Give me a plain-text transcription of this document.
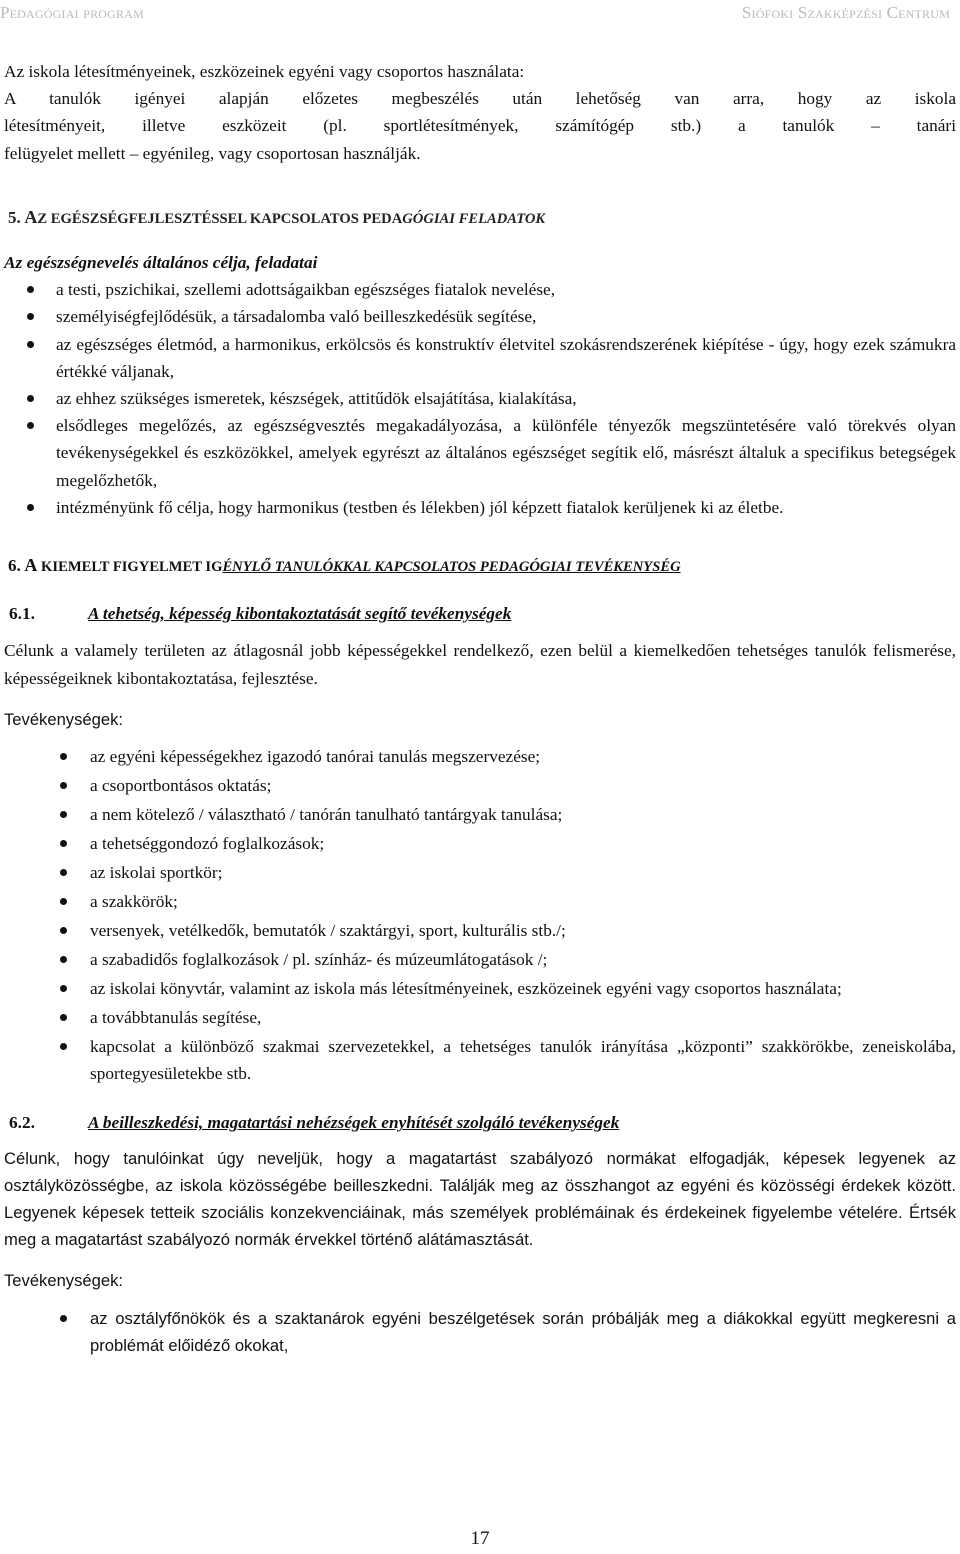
Pedagógiai program	Siófoki Szakképzési Centrum

Az iskola létesítményeinek, eszközeinek egyéni vagy csoportos használata:

A tanulók igényei alapján előzetes megbeszélés után lehetőség van arra, hogy az iskola

létesítményeit, illetve eszközeit (pl. sportlétesítmények, számítógép stb.) a tanulók – tanári

felügyelet mellett – egyénileg, vagy csoportosan használják.

5. AZ EGÉSZSÉGFEJLESZTÉSSEL KAPCSOLATOS PEDAGÓGIAI FELADATOK

Az egészségnevelés általános célja, feladatai

a testi, pszichikai, szellemi adottságaikban egészséges fiatalok nevelése,
személyiségfejlődésük, a társadalomba való beilleszkedésük segítése,
az egészséges életmód, a harmonikus, erkölcsös és konstruktív életvitel szokásrendszerének kiépítése - úgy, hogy ezek számukra értékké váljanak,
az ehhez szükséges ismeretek, készségek, attitűdök elsajátítása, kialakítása,
elsődleges megelőzés, az egészségvesztés megakadályozása, a különféle tényezők megszüntetésére való törekvés olyan tevékenységekkel és eszközökkel, amelyek egyrészt az általános egészséget segítik elő, másrészt általuk a specifikus betegségek megelőzhetők,
intézményünk fő célja, hogy harmonikus (testben és lélekben) jól képzett fiatalok kerüljenek ki az életbe.
6. A KIEMELT FIGYELMET IGÉNYLŐ TANULÓKKAL KAPCSOLATOS PEDAGÓGIAI TEVÉKENYSÉG
6.1.	A tehetség, képesség kibontakoztatását segítő tevékenységek

Célunk a valamely területen az átlagosnál jobb képességekkel rendelkező, ezen belül a kiemelkedően tehetséges tanulók felismerése, képességeiknek kibontakoztatása, fejlesztése.

Tevékenységek:

az egyéni képességekhez igazodó tanórai tanulás megszervezése;
a csoportbontásos oktatás;
a nem kötelező / választható / tanórán tanulható tantárgyak tanulása;
a tehetséggondozó foglalkozások;
az iskolai sportkör;
a szakkörök;
versenyek, vetélkedők, bemutatók / szaktárgyi, sport, kulturális stb./;
a szabadidős foglalkozások / pl. színház- és múzeumlátogatások /;
az iskolai könyvtár, valamint az iskola más létesítményeinek, eszközeinek egyéni vagy csoportos használata;
a továbbtanulás segítése,
kapcsolat a különböző szakmai szervezetekkel, a tehetséges tanulók irányítása „központi” szakkörökbe, zeneiskolába, sportegyesületekbe stb.
6.2.	A beilleszkedési, magatartási nehézségek enyhítését szolgáló tevékenységek

Célunk, hogy tanulóinkat úgy neveljük, hogy a magatartást szabályozó normákat elfogadják, képesek legyenek az osztályközösségbe, az iskola közösségébe beilleszkedni. Találják meg az összhangot az egyéni és közösségi érdekek között. Legyenek képesek tetteik szociális konzekvenciáinak, más személyek problémáinak és érdekeinek figyelembe vételére. Értsék meg a magatartást szabályozó normák érvekkel történő alátámasztását.

Tevékenységek:

az osztályfőnökök és a szaktanárok egyéni beszélgetések során próbálják meg a diákokkal együtt megkeresni a problémát előidéző okokat,
17
